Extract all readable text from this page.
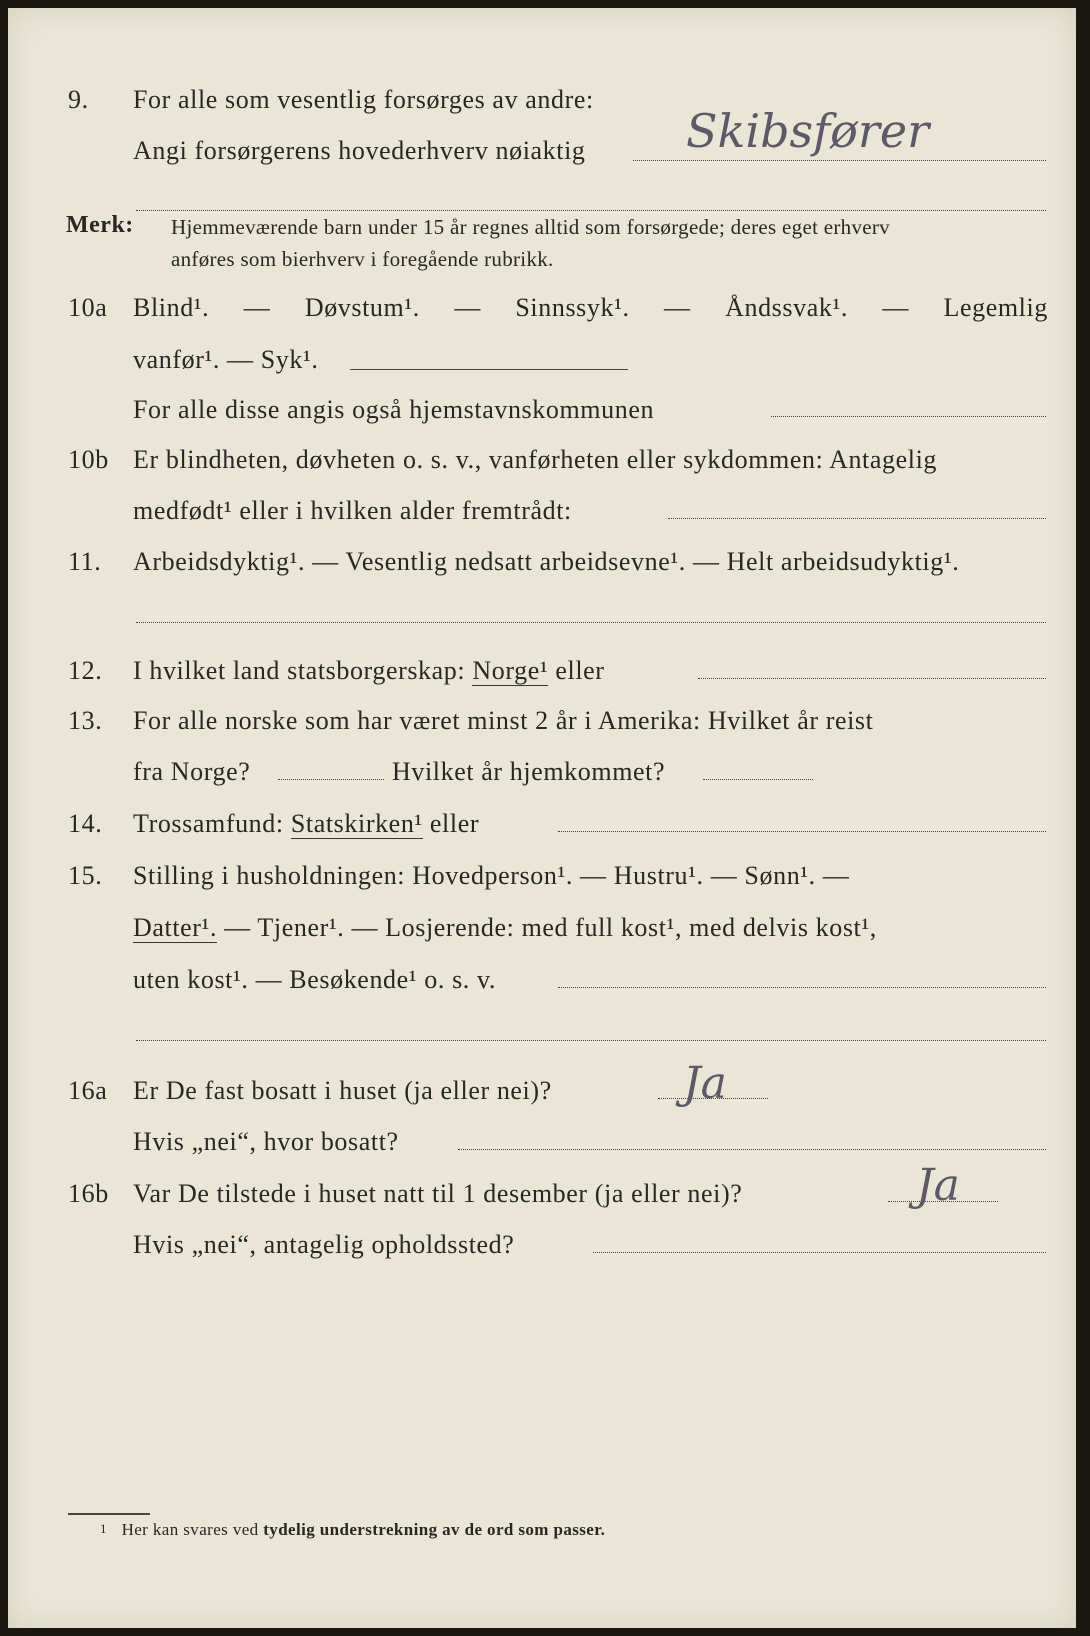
9. For alle som vesentlig forsørges av andre:
Angi forsørgerens hovederhverv nøiaktig Skibsfører
Merk: Hjemmeværende barn under 15 år regnes alltid som forsørgede; deres eget erhverv
anføres som bierhverv i foregående rubrikk.
10a Blind¹. — Døvstum¹. — Sinnssyk¹. — Åndssvak¹. — Legemlig
vanfør¹. — Syk¹.
For alle disse angis også hjemstavnskommunen
10b Er blindheten, døvheten o. s. v., vanførheten eller sykdommen: Antagelig
medfødt¹ eller i hvilken alder fremtrådt:
11. Arbeidsdyktig¹. — Vesentlig nedsatt arbeidsevne¹. — Helt arbeidsudyktig¹.
12. I hvilket land statsborgerskap: Norge¹ eller
13. For alle norske som har været minst 2 år i Amerika: Hvilket år reist
fra Norge?	Hvilket år hjemkommet?
14. Trossamfund: Statskirken¹ eller
15. Stilling i husholdningen: Hovedperson¹. — Hustru¹. — Sønn¹. —
Datter¹. — Tjener¹. — Losjerende: med full kost¹, med delvis kost¹,
uten kost¹. — Besøkende¹ o. s. v.
16a Er De fast bosatt i huset (ja eller nei)?	Ja
Hvis „nei“, hvor bosatt?
16b Var De tilstede i huset natt til 1 desember (ja eller nei)?	Ja
Hvis „nei“, antagelig opholdssted?
1 Her kan svares ved tydelig understrekning av de ord som passer.
